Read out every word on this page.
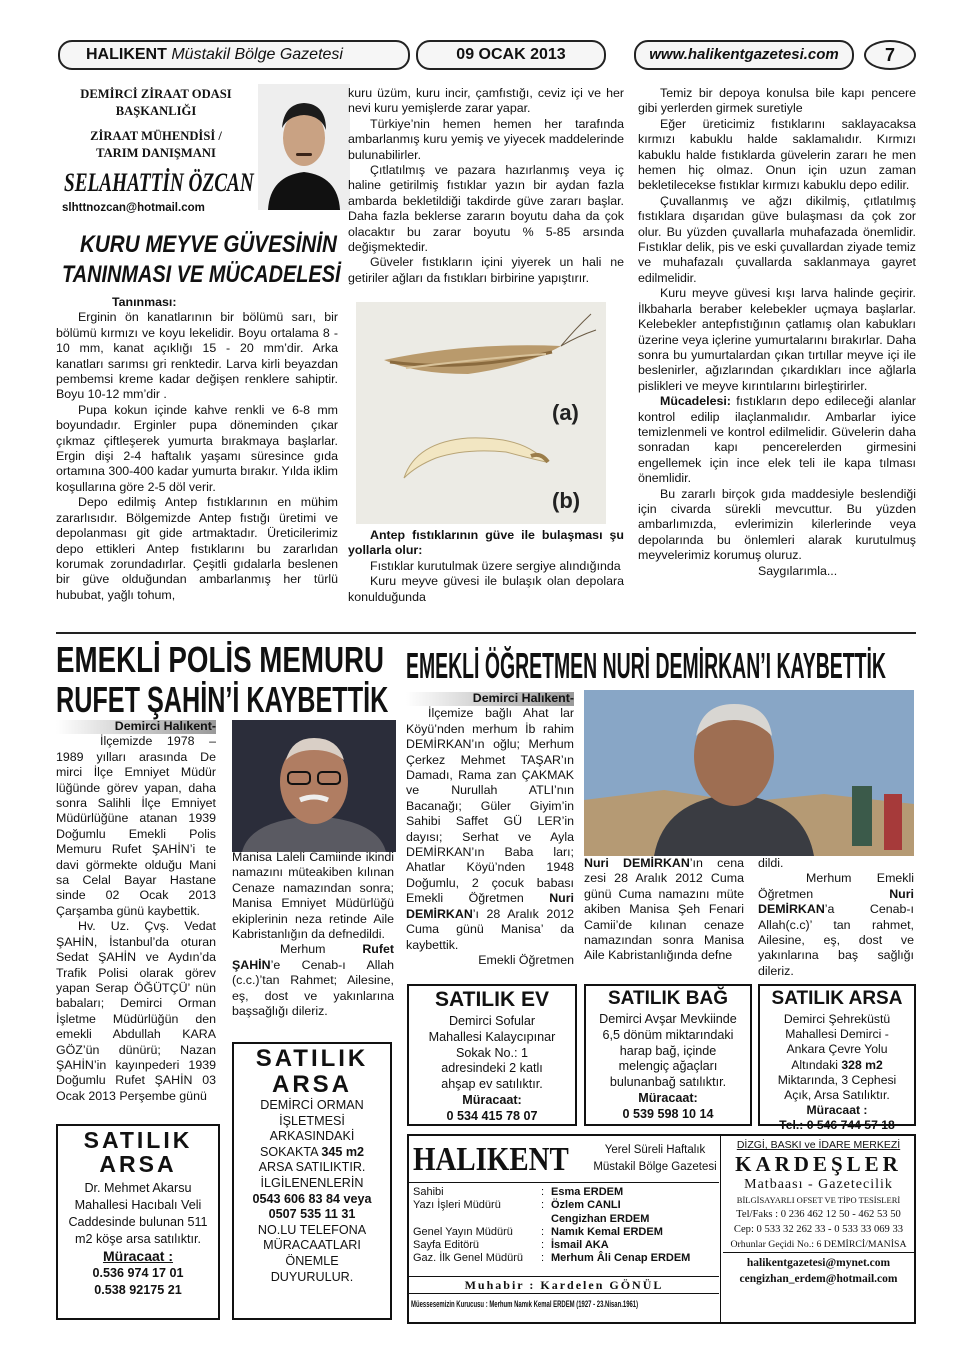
HALIKENT Müstakil Bölge Gazetesi	09 OCAK 2013	www.halikentgazetesi.com	7
DEMİRCİ ZİRAAT ODASI
BAŞKANLIĞI
ZİRAAT MÜHENDİSİ /
TARIM DANIŞMANI
SELAHATTİN ÖZCAN
slhttnozcan@hotmail.com
KURU MEYVE GÜVESİNİN
TANINMASI VE MÜCADELESİ
Tanınması:

Erginin ön kanatlarının bir bölümü sarı, bir bölümü kırmızı ve koyu lekelidir. Boyu ortalama 8 - 10 mm, kanat açıklığı 15 - 20 mm’dir. Arka kanatları sarımsı gri renktedir. Larva kirli beyazdan pembemsi kreme kadar değişen renklere sahiptir. Boyu 10-12 mm’dir .

Pupa kokun içinde kahve renkli ve 6-8 mm boyundadır. Erginler pupa döneminden çıkar çıkmaz çiftleşerek yumurta bırakmaya başlarlar. Ergin dişi 2-4 haftalık yaşamı süresince gıda ortamına 300-400 kadar yumurta bırakır. Yılda iklim koşullarına göre 2-5 döl verir.

Depo edilmiş Antep fıstıklarının en mühim zararlısıdır. Bölgemizde Antep fıstığı üretimi ve depolanması git gide artmaktadır. Üreticilerimiz depo ettikleri Antep fıstıklarını bu zararlıdan korumak zorundadırlar. Çeşitli gıdalarla beslenen bir güve olduğundan ambarlanmış her türlü hububat, yağlı tohum,

kuru üzüm, kuru incir, çamfıstığı, ceviz içi ve her nevi kuru yemişlerde zarar yapar.

Türkiye’nin hemen hemen her tarafında ambarlanmış kuru yemiş ve yiyecek maddelerinde bulunabilirler.

Çıtlatılmış ve pazara hazırlanmış veya iç haline getirilmiş fıstıklar yazın bir aydan fazla ambarda bekletildiği takdirde güve zararı başlar. Daha fazla beklerse zararın boyutu daha da çok olacaktır bu zarar boyutu % 5-85 arsında değişmektedir.

Güveler fıstıkların içini yiyerek un hali ne getiriler ağları da fıstıkları birbirine yapıştırır.

(a)
(b)

Antep fıstıklarının güve ile bulaşması şu yollarla olur:

Fıstıklar kurutulmak üzere sergiye alındığında

Kuru meyve güvesi ile bulaşık olan depolara konulduğunda

Temiz bir depoya konulsa bile kapı pencere gibi yerlerden girmek suretiyle

Eğer üreticimiz fıstıklarını saklayacaksa kırmızı kabuklu halde saklamalıdır. Kırmızı kabuklu halde fıstıklarda güvelerin zararı he men hemen hiç olmaz. Onun için uzun zaman bekletilecekse fıstıklar kırmızı kabuklu depo edilir.

Çuvallanmış ve ağzı dikilmiş, çıtlatılmış fıstıklara dışarıdan güve bulaşması da çok zor olur. Bu yüzden çuvallarla muhafazada önemlidir. Fıstıklar delik, pis ve eski çuvallardan ziyade temiz ve muhafazalı çuvallarda saklanmaya gayret edilmelidir.

Kuru meyve güvesi kışı larva halinde geçirir. İlkbaharla beraber kelebekler uçmaya başlarlar. Kelebekler antepfıstığının çatlamış olan kabukları üzerine veya içlerine yumurtalarını bırakırlar. Daha sonra bu yumurtalardan çıkan tırtıllar meyve içi ile beslenirler, ağızlarından çıkardıkları ince ağlarla pislikleri ve meyve kırıntılarını birleştirirler.

Mücadelesi: fıstıkların depo edileceği alanlar kontrol edilip ilaçlanmalıdır. Ambarlar iyice temizlenmeli ve kontrol edilmelidir. Güvelerin daha sonradan kapı pencerelerden girmesini engellemek için ince elek teli ile kapa tılması önemlidir.

Bu zararlı birçok gıda maddesiyle beslendiği için civarda sürekli mevcuttur. Bu yüzden ambarlımızda, evlerimizin kilerlerinde veya depolarında bu önlemleri alarak kurutulmuş meyvelerimiz korumuş oluruz.

Saygılarımla...

EMEKLİ POLİS MEMURU
RUFET ŞAHİN’İ KAYBETTİK
Demirci Halıkent-

İlçemizde 1978 – 1989 yılları arasında De mirci İlçe Emniyet Müdür lüğünde görev yapan, daha sonra Salihli İlçe Emniyet Müdürlüğüne atanan 1939 Doğumlu Emekli Polis Memuru Rufet ŞAHİN’i te davi görmekte olduğu Mani sa Celal Bayar Hastane sinde 02 Ocak 2013 Çarşamba günü kaybettik.

Hv. Uz. Çvş. Vedat ŞAHİN, İstanbul’da oturan Sedat ŞAHİN ve Aydın’da Trafik Polisi olarak görev yapan Serap ÖĞÜTÇÜ’ nün babaları; Demirci Orman İşletme Müdürlüğün den emekli Abdullah KARA GÖZ’ün dünürü; Nazan ŞAHİN’in kayınpederi 1939 Doğumlu Rufet ŞAHİN 03 Ocak 2013 Perşembe günü

Manisa Laleli Camiinde ikindi namazını müteakiben kılınan Cenaze namazından sonra; Manisa Emniyet Müdürlüğü ekiplerinin neza retinde Aile Kabristanlığın da defnedildi.

Merhum	Rufet ŞAHİN’e Cenab-ı Allah (c.c.)’tan Rahmet; Ailesine, eş, dost ve yakınlarına başsağlığı dileriz.

SATILIK
ARSA
DEMİRCİ ORMAN
İŞLETMESİ
ARKASINDAKİ
SOKAKTA 345 m2
ARSA SATILIKTIR.
İLGİLENENLERİN
0543 606 83 84 veya
0507 535 11 31
NO.LU TELEFONA
MÜRACAATLARI
ÖNEMLE
DUYURULUR.
SATILIK
ARSA
Dr. Mehmet Akarsu
Mahallesi Hacıbalı Veli
Caddesinde bulunan 511
m2 köşe arsa satılıktır.
Müracaat :
0.536 974 17 01
0.538 92175 21
EMEKLİ ÖĞRETMEN NURİ DEMİRKAN’I KAYBETTİK
Demirci Halıkent-

İlçemize bağlı Ahat lar Köyü’nden merhum İb rahim DEMİRKAN’ın oğlu; Merhum Çerkez Mehmet TAŞAR’ın Damadı, Rama zan ÇAKMAK ve Nurullah ATLI’nın Bacanağı; Güler Giyim’in Sahibi Saffet GÜ LER’in dayısı; Serhat ve Ayla DEMİRKAN’ın Baba ları; Ahatlar Köyü’nden 1948 Doğumlu, 2 çocuk babası Emekli Öğretmen Nuri DEMİRKAN’ı 28 Aralık 2012 Cuma günü Manisa’ da kaybettik.

Emekli Öğretmen

Nuri DEMİRKAN’ın cena zesi 28 Aralık 2012 Cuma günü Cuma namazını müte akiben Manisa Şeh Fenari Camii’de kılınan cenaze namazından sonra Manisa Aile Kabristanlığında defne

dildi.

Merhum Emekli Öğretmen	Nuri DEMİRKAN’a Cenab-ı Allah(c.c)’ tan rahmet, Ailesine, eş, dost ve yakınlarına baş sağlığı dileriz.

SATILIK EV
Demirci Sofular
Mahallesi Kalaycıpınar
Sokak No.: 1
adresindeki 2 katlı
ahşap ev satılıktır.
Müracaat:
0 534 415 78 07
SATILIK BAĞ
Demirci Avşar Mevkiinde
6,5 dönüm miktarındaki
harap bağ, içinde
melengiç ağaçları
bulunanbağ satılıktır.
Müracaat:
0 539 598 10 14
SATILIK ARSA
Demirci Şehreküstü
Mahallesi Demirci -
Ankara Çevre Yolu
Altındaki 328 m2
Miktarında, 3 Cephesi
Açık, Arsa Satılıktır.
Müracaat :
Tel.: 0 546 744 57 18
HALIKENT	Yerel Süreli Haftalık
Müstakil Bölge Gazetesi
Sahibi	: Esma ERDEM
Yazı İşleri Müdürü	: Özlem CANLI
Cengizhan ERDEM
Genel Yayın Müdürü	: Namık Kemal ERDEM
Sayfa Editörü	: İsmail AKA
Gaz. İlk Genel Müdürü	: Merhum Âli Cenap ERDEM
Muhabir : Kardelen GÖNÜL
Müessesemizin Kurucusu : Merhum Namık Kemal ERDEM (1927 - 23.Nisan.1961)
DİZGİ, BASKI ve İDARE MERKEZİ
KARDEŞLER
Matbaası - Gazetecilik
BİLGİSAYARLI OFSET VE TİPO TESİSLERİ
Tel/Faks : 0 236 462 12 50 - 462 53 50
Cep: 0 533 32 262 33 - 0 533 33 069 33
Orhunlar Geçidi No.: 6 DEMİRCİ/MANİSA
halikentgazetesi@mynet.com
cengizhan_erdem@hotmail.com
